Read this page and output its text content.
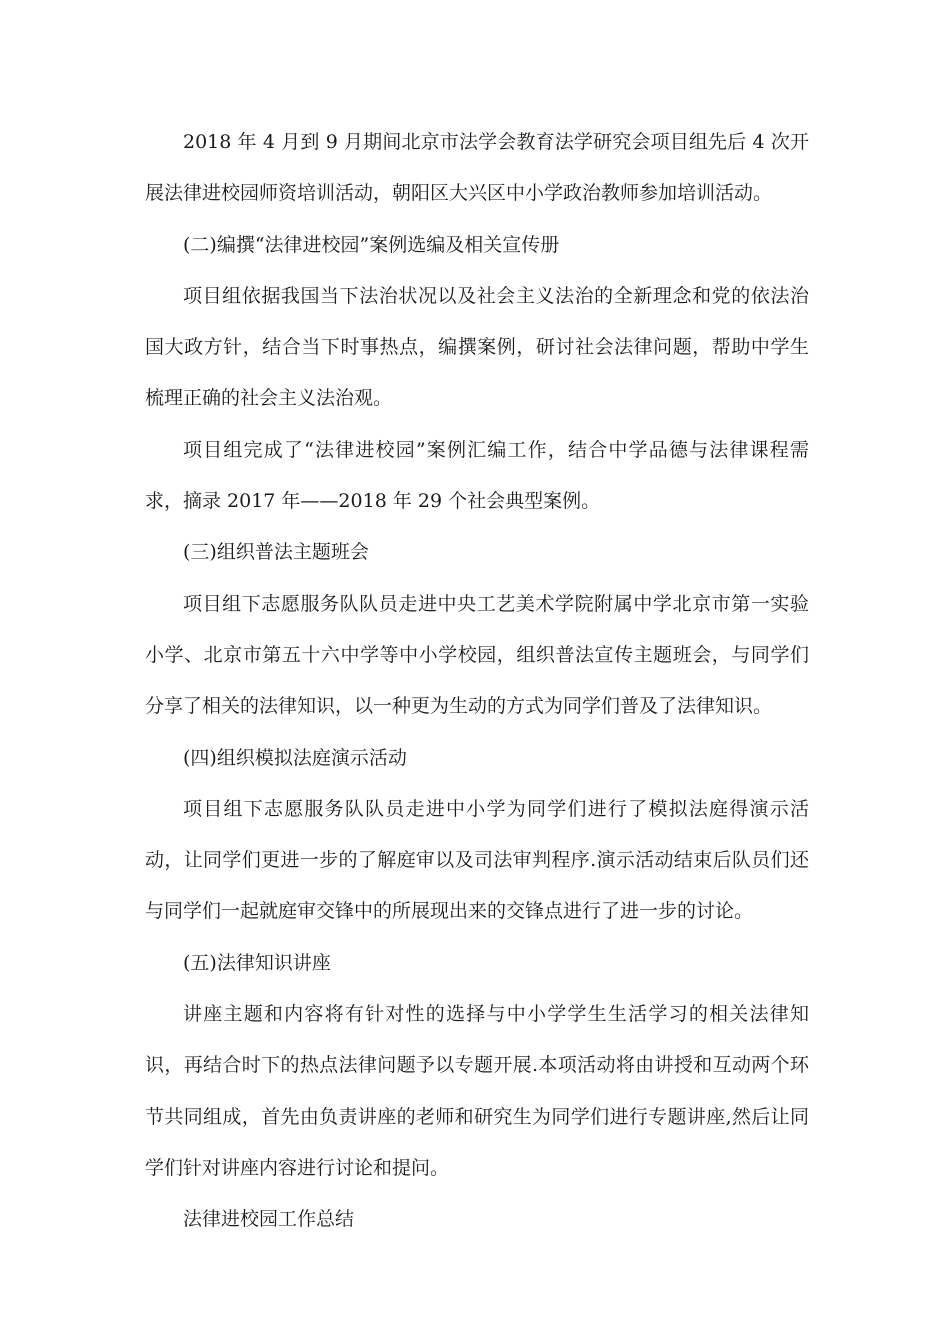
2018 年 4 月到 9 月期间北京市法学会教育法学研究会项目组先后 4 次开展法律进校园师资培训活动，朝阳区大兴区中小学政治教师参加培训活动。

(二)编撰“法律进校园”案例选编及相关宣传册

项目组依据我国当下法治状况以及社会主义法治的全新理念和党的依法治国大政方针，结合当下时事热点，编撰案例，研讨社会法律问题，帮助中学生梳理正确的社会主义法治观。

项目组完成了“法律进校园”案例汇编工作，结合中学品德与法律课程需求，摘录 2017 年——2018 年 29 个社会典型案例。

(三)组织普法主题班会

项目组下志愿服务队队员走进中央工艺美术学院附属中学北京市第一实验小学、北京市第五十六中学等中小学校园，组织普法宣传主题班会，与同学们分享了相关的法律知识，以一种更为生动的方式为同学们普及了法律知识。

(四)组织模拟法庭演示活动

项目组下志愿服务队队员走进中小学为同学们进行了模拟法庭得演示活动，让同学们更进一步的了解庭审以及司法审判程序.演示活动结束后队员们还与同学们一起就庭审交锋中的所展现出来的交锋点进行了进一步的讨论。

(五)法律知识讲座

讲座主题和内容将有针对性的选择与中小学学生生活学习的相关法律知识，再结合时下的热点法律问题予以专题开展.本项活动将由讲授和互动两个环节共同组成，首先由负责讲座的老师和研究生为同学们进行专题讲座,然后让同学们针对讲座内容进行讨论和提问。

法律进校园工作总结
